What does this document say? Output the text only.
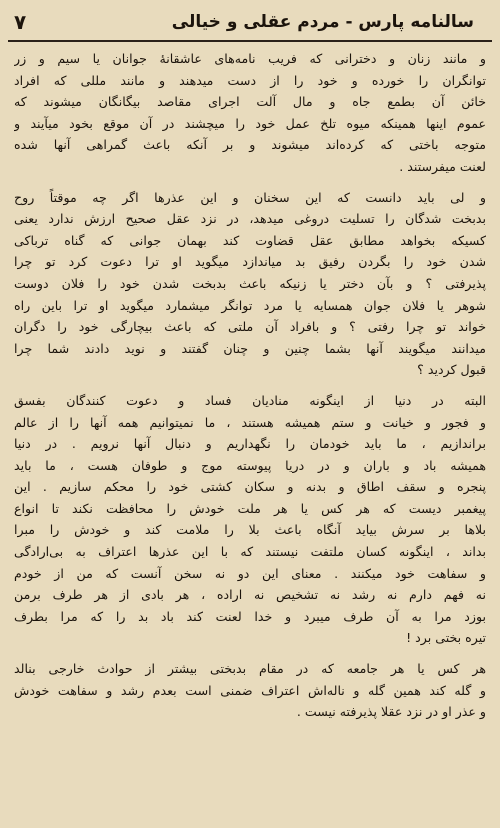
سالنامه پارس - مردم عقلی و خیالی
٧
و مانند زنان و دخترانی که فریب نامه‌های عاشقانهٔ جوانان یا سیم و زر
توانگران را خورده و خود را از دست میدهند و مانند مللی که افراد
خائن آن بطمع جاه و مال آلت اجرای مقاصد بیگانگان میشوند که
عموم اینها همینکه میوه تلخ عمل خود را میچشند در آن موقع بخود میآیند و
متوجه باختی که کرده‌اند میشوند و بر آنکه باعث گمراهی آنها شده
لعنت میفرستند .
و لی باید دانست که این سخنان و این عذرها اگر چه موقتاً روح
بدبخت شدگان را تسلیت دروغی میدهد، در نزد عقل صحیح ارزش ندارد یعنی
کسیکه بخواهد مطابق عقل قضاوت کند بهمان جوانی که گناه ترباکی
شدن خود را بگردن رفیق بد میاندازد میگوید او ترا دعوت کرد تو چرا
پذیرفتی ؟ و بآن دختر یا زنیکه باعث بدبخت شدن خود را فلان دوست
شوهر یا فلان جوان همسایه یا مرد توانگر میشمارد میگوید او ترا باین راه
خواند تو چرا رفتی ؟ و بافراد آن ملتی که باعث بیچارگی خود را دگران
میدانند میگویند آنها بشما چنین و چنان گفتند و نوید دادند شما چرا
قبول کردید ؟
البته در دنیا از اینگونه منادیان فساد و دعوت کنندگان بفسق
و فجور و خیانت و ستم همیشه هستند ، ما نمیتوانیم همه آنها را از عالم
براندازیم ، ما باید خودمان را نگهداریم و دنبال آنها نرویم . در دنیا
همیشه باد و باران و در دریا پیوسته موج و طوفان هست ، ما باید
پنجره و سقف اطاق و بدنه و سکان کشتی خود را محکم سازیم . این
پیغمبر دیست که هر کس یا هر ملت خودش را محافظت نکند تا انواع
بلاها بر سرش بیاید آنگاه باعث بلا را ملامت کند و خودش را مبرا
بداند ، اینگونه کسان ملتفت نیستند که با این عذرها اعتراف به بی‌ارادگی
و سفاهت خود میکنند . معنای این دو نه سخن آنست که من از خودم
نه فهم دارم نه رشد نه تشخیص نه اراده ، هر بادی از هر طرف برمن
بوزد مرا به آن طرف میبرد و خدا لعنت کند باد بد را که مرا بطرف
تیره بختی برد !
هر کس یا هر جامعه که در مقام بدبختی بیشتر از حوادث خارجی بنالد
و گله کند همین گله و ناله‌اش اعتراف ضمنی است بعدم رشد و سفاهت خودش
و عذر او در نزد عقلا پذیرفته نیست .
